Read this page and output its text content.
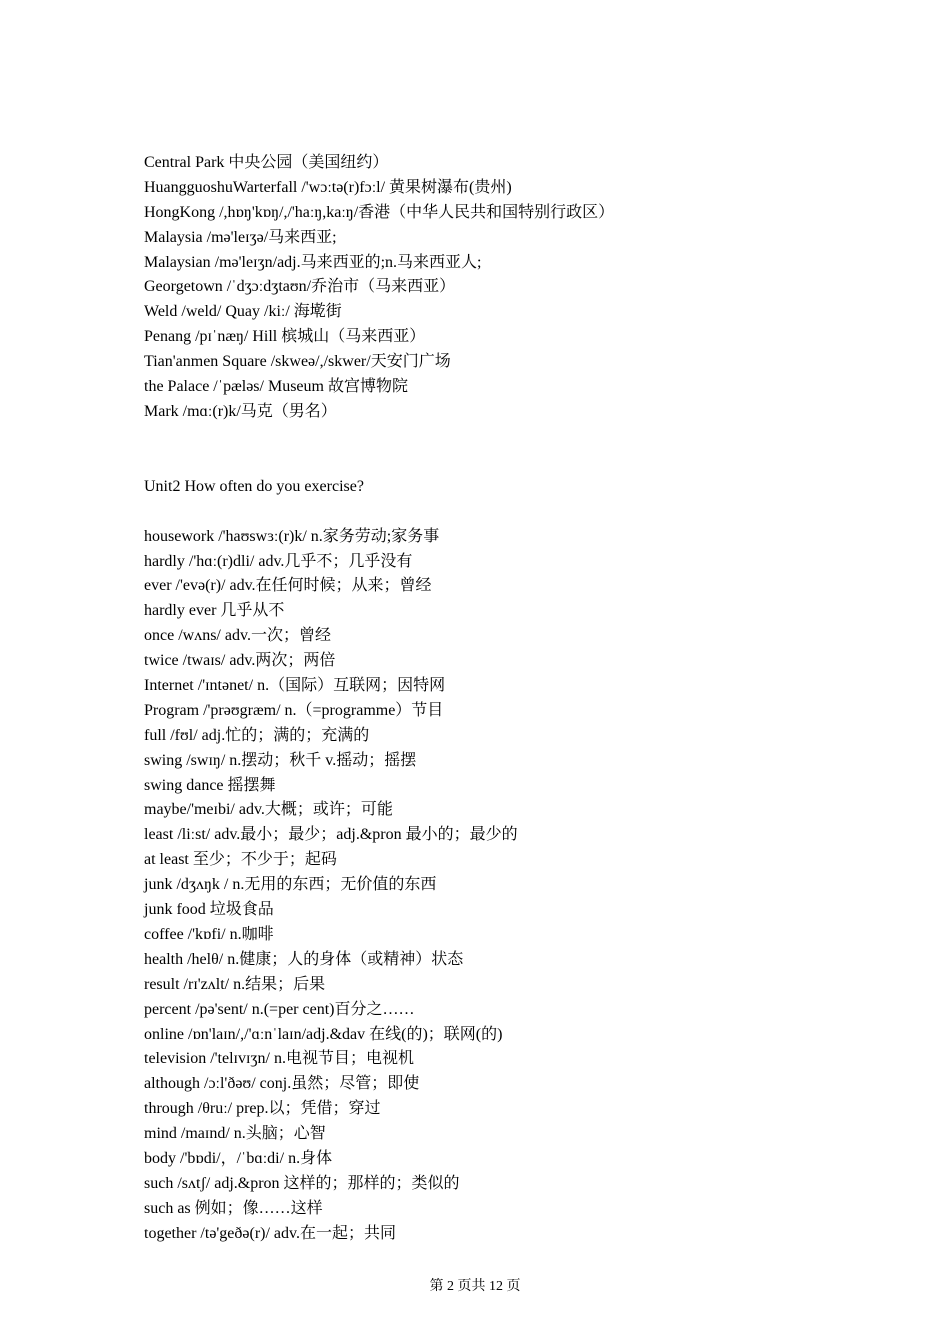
Central Park 中央公园（美国纽约）
HuangguoshuWarterfall /'wɔːtə(r)fɔːl/ 黄果树瀑布(贵州)
HongKong /,hɒŋ'kɒŋ/,/'haːŋ,kaːŋ/香港（中华人民共和国特别行政区）
Malaysia /mə'leɪʒə/马来西亚;
Malaysian /mə'leɪʒn/adj.马来西亚的;n.马来西亚人;
Georgetown /ˈdʒɔːdʒtaʊn/乔治市（马来西亚）
Weld /weld/ Quay /kiː/ 海墘街
Penang /pɪˈnæŋ/ Hill 槟城山（马来西亚）
Tian'anmen Square /skweə/,/skwer/天安门广场
the Palace /ˈpæləs/ Museum 故宫博物院
Mark /mɑː(r)k/马克（男名）
Unit2 How often do you exercise?
housework /'haʊswɜː(r)k/ n.家务劳动;家务事
hardly /'hɑː(r)dli/ adv.几乎不；几乎没有
ever /'evə(r)/ adv.在任何时候；从来；曾经
hardly ever 几乎从不
once /wʌns/ adv.一次；曾经
twice /twaɪs/ adv.两次；两倍
Internet /'ɪntənet/ n.（国际）互联网；因特网
Program /'prəʊgræm/ n.（=programme）节目
full /fʊl/ adj.忙的；满的；充满的
swing /swɪŋ/ n.摆动；秋千 v.摇动；摇摆
swing dance 摇摆舞
maybe/'meɪbi/ adv.大概；或许；可能
least /liːst/ adv.最小；最少；adj.&pron 最小的；最少的
at least 至少；不少于；起码
junk /dʒʌŋk / n.无用的东西；无价值的东西
junk food 垃圾食品
coffee /'kɒfi/ n.咖啡
health /helθ/ n.健康；人的身体（或精神）状态
result /rɪ'zʌlt/ n.结果；后果
percent /pə'sent/ n.(=per cent)百分之……
online /ɒn'laɪn/,/'ɑːnˈlaɪn/adj.&dav 在线(的)；联网(的)
television /'telɪvɪʒn/ n.电视节目；电视机
although /ɔːl'ðəʊ/ conj.虽然；尽管；即使
through /θruː/ prep.以；凭借；穿过
mind /maɪnd/ n.头脑；心智
body /'bɒdi/，/ˈbɑːdi/ n.身体
such /sʌtʃ/ adj.&pron 这样的；那样的；类似的
such as 例如；像……这样
together /tə'geðə(r)/ adv.在一起；共同
第 2 页共 12 页
